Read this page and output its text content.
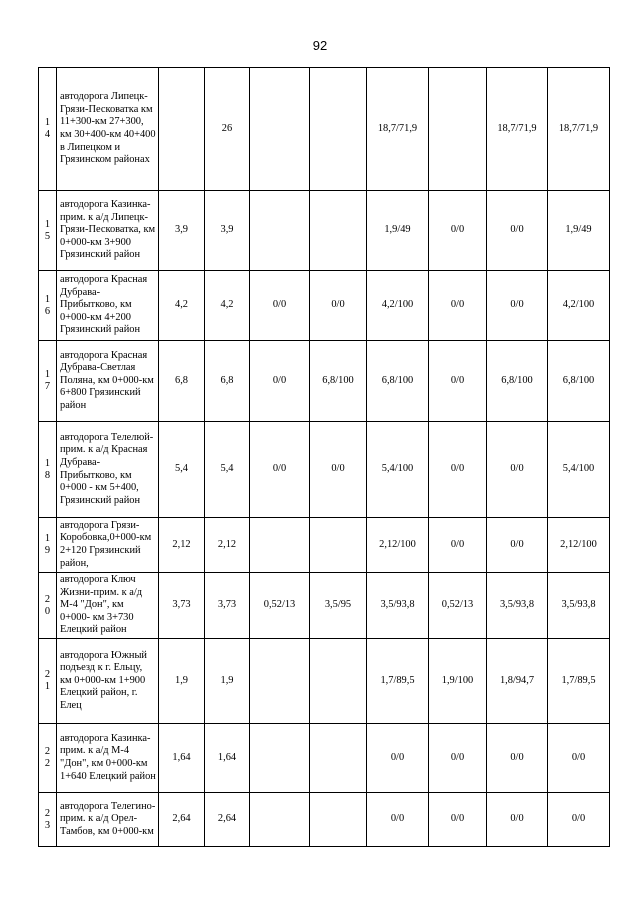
92
1
4	автодорога Липецк-Грязи-Песковатка км 11+300-км 27+300, км 30+400-км 40+400 в Липецком и Грязинском районах		26			18,7/71,9		18,7/71,9	18,7/71,9

1
5	автодорога Казинка-прим. к а/д Липецк-Грязи-Песковатка, км 0+000-км 3+900 Грязинский район	3,9	3,9			1,9/49	0/0	0/0	1,9/49

1
6	автодорога Красная Дубрава-Прибытково, км 0+000-км 4+200 Грязинский район	4,2	4,2	0/0	0/0	4,2/100	0/0	0/0	4,2/100

1
7	автодорога Красная Дубрава-Светлая Поляна, км 0+000-км 6+800 Грязинский район	6,8	6,8	0/0	6,8/100	6,8/100	0/0	6,8/100	6,8/100

1
8	автодорога Телелюй-прим. к а/д Красная Дубрава-Прибытково, км 0+000 - км 5+400, Грязинский район	5,4	5,4	0/0	0/0	5,4/100	0/0	0/0	5,4/100

1
9	автодорога Грязи-Коробовка,0+000-км 2+120 Грязинский район,	2,12	2,12			2,12/100	0/0	0/0	2,12/100

2
0	автодорога Ключ Жизни-прим. к а/д М-4 "Дон", км 0+000- км 3+730 Елецкий район	3,73	3,73	0,52/13	3,5/95	3,5/93,8	0,52/13	3,5/93,8	3,5/93,8

2
1	автодорога Южный подъезд к г. Ельцу, км 0+000-км 1+900 Елецкий район, г. Елец	1,9	1,9			1,7/89,5	1,9/100	1,8/94,7	1,7/89,5

2
2	автодорога Казинка-прим. к а/д М-4 "Дон", км 0+000-км 1+640 Елецкий район	1,64	1,64			0/0	0/0	0/0	0/0

2
3	автодорога Телегино-прим. к а/д Орел-Тамбов, км 0+000-км	2,64	2,64			0/0	0/0	0/0	0/0
